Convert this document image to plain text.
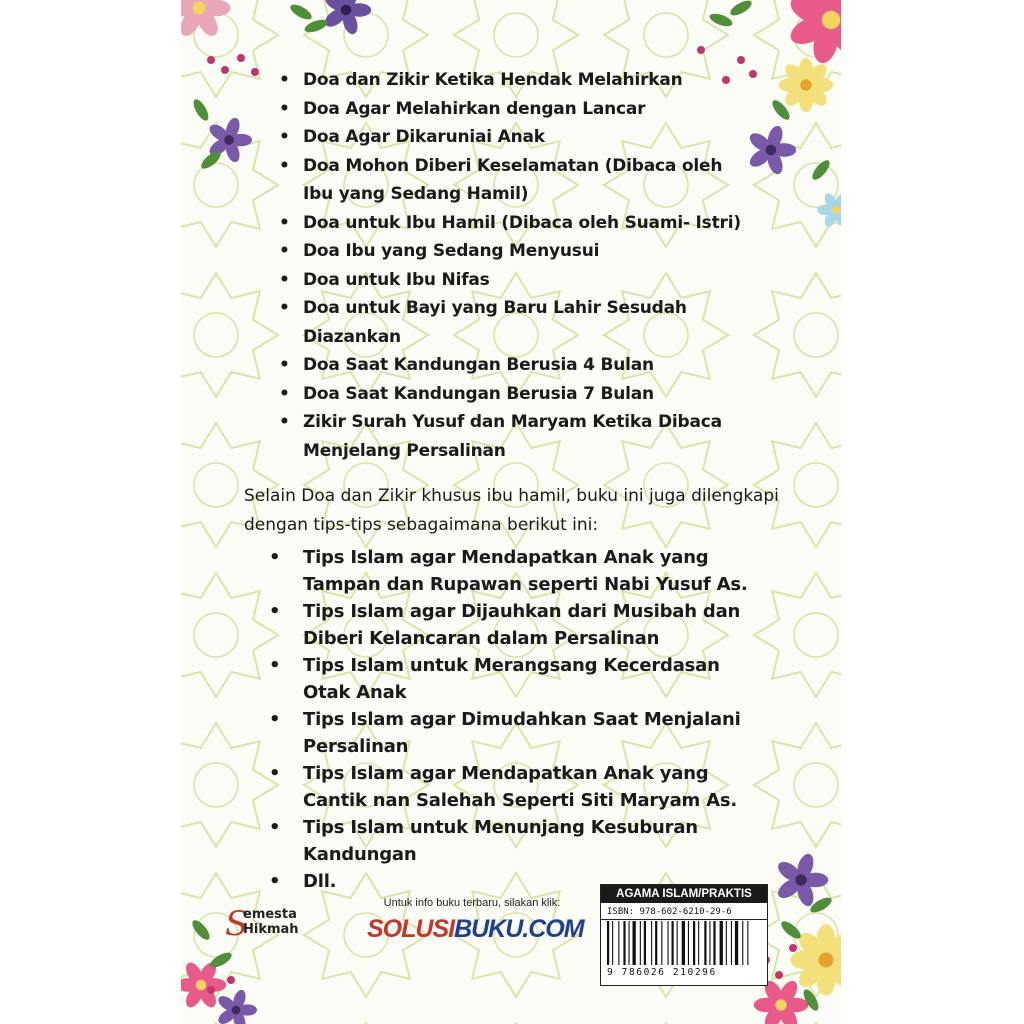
• Doa dan Zikir Ketika Hendak Melahirkan
• Doa Agar Melahirkan dengan Lancar
• Doa Agar Dikaruniai Anak
• Doa Mohon Diberi Keselamatan (Dibaca oleh Ibu yang Sedang Hamil)
• Doa untuk Ibu Hamil (Dibaca oleh Suami- Istri)
• Doa Ibu yang Sedang Menyusui
• Doa untuk Ibu Nifas
• Doa untuk Bayi yang Baru Lahir Sesudah Diazankan
• Doa Saat Kandungan Berusia 4 Bulan
• Doa Saat Kandungan Berusia 7 Bulan
• Zikir Surah Yusuf dan Maryam Ketika Dibaca Menjelang Persalinan

Selain Doa dan Zikir khusus ibu hamil, buku ini juga dilengkapi dengan tips-tips sebagaimana berikut ini:

• Tips Islam agar Mendapatkan Anak yang Tampan dan Rupawan seperti Nabi Yusuf As.
• Tips Islam agar Dijauhkan dari Musibah dan Diberi Kelancaran dalam Persalinan
• Tips Islam untuk Merangsang Kecerdasan Otak Anak
• Tips Islam agar Dimudahkan Saat Menjalani Persalinan
• Tips Islam agar Mendapatkan Anak yang Cantik nan Salehah Seperti Siti Maryam As.
• Tips Islam untuk Menunjang Kesuburan Kandungan
• Dll.
S
emesta
Hikmah
Untuk info buku terbaru, silakan klik:
SOLUSIBUKU.COM
AGAMA ISLAM/PRAKTIS
ISBN: 978-602-6210-29-6
9 786026 210296
